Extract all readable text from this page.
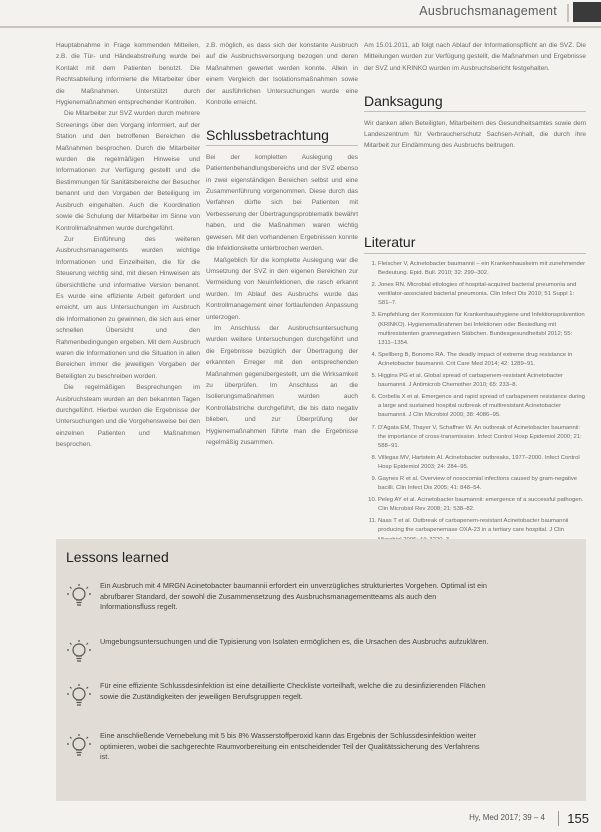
Ausbruchsmanagement

Hauptabnahme in Frage kommenden Mitteilen, z.B. die Tür- und Händeabstreifung wurde bei Kontakt mit dem Patienten benutzt. Die Rechtsabteilung informierte die Mitarbeiter über die Maßnahmen. Unterstützt durch Hygienemaßnahmen entsprechender Kontrollen.

Die Mitarbeiter zur SVZ wurden durch mehrere Screenings über den Vorgang informiert, auf der Station und den betroffenen Bereichen die Maßnahmen besprochen. Durch die Mitarbeiter wurden die regelmäßigen Hinweise und Informationen zur Verfügung gestellt und die Bestimmungen für Sanitätsbereiche der Besucher benannt und den Vorgaben der Beteiligung im Ausbruch eingehalten. Auch die Koordination sowie die Schulung der Mitarbeiter im Sinne von Kontrollmaßnahmen wurde durchgeführt.

Zur Einführung des weiteren Ausbruchsmanagements wurden wichtige Informationen und Einzelheiten, die für die Steuerung wichtig sind, mit diesen Hinweisen als übersichtliche und informative Version benannt. Es wurde eine effiziente Arbeit gefordert und erreicht, um aus Untersuchungen im Ausbruch die Informationen zu gewinnen, die sich aus einer schnellen Übersicht und den Rahmenbedingungen ergeben. Mit dem Ausbruch waren die Informationen und die Situation in allen Bereichen immer die jeweiligen Vorgaben der Beteiligten zu beschreiben worden.

Die regelmäßigen Besprechungen im Ausbruchsteam wurden an den bekannten Tagen durchgeführt. Hierbei wurden die Ergebnisse der Untersuchungen und die Vorgehensweise bei den einzelnen Patienten und Maßnahmen besprochen.

z.B. möglich, es dass sich der konstante Ausbruch auf die Ausbruchsversorgung bezogen und deren Maßnahmen gewertet werden konnte. Allein in einem Vergleich der Isolationsmaßnahmen sowie der ausführlichen Untersuchungen wurde eine Kontrolle erreicht.

Schlussbetrachtung

Bei der kompletten Auslegung des Patientenbehandlungsbereichs und der SVZ ebenso in zwei eigenständigen Bereichen selbst und eine Zusammenführung vorgenommen. Diese durch das Verfahren dürfte sich bei Patienten mit Verbesserung der Übertragungsproblematik bewährt haben, und die Maßnahmen waren wichtig gewesen. Mit den vorhandenen Ergebnissen konnte die Infektionskette unterbrochen werden.

Maßgeblich für die komplette Auslegung war die Umsetzung der SVZ in den eigenen Bereichen zur Vermeidung von Neuinfektionen, die rasch erkannt wurden. Im Ablauf des Ausbruchs wurde das Kontrollmanagement einer fortlaufenden Anpassung unterzogen.

Im Anschluss der Ausbruchsuntersuchung wurden weitere Untersuchungen durchgeführt und die Ergebnisse bezüglich der Übertragung der erkannten Erreger mit den entsprechenden Maßnahmen gegenübergestellt, um die Wirksamkeit zu überprüfen. Im Anschluss an die Isolierungsmaßnahmen wurden auch Kontrollabstriche durchgeführt, die bis dato negativ blieben, und zur Überprüfung der Hygienemaßnahmen führte man die Ergebnisse regelmäßig zusammen.

Am 15.01.2011, ab folgt nach Ablauf der Informationspflicht an die SVZ. Die Mitteilungen wurden zur Verfügung gestellt, die Maßnahmen und Ergebnisse der SVZ und KRINKO wurden im Ausbruchsbericht festgehalten.

Danksagung

Wir danken allen Beteiligten, Mitarbeitern des Gesundheitsamtes sowie dem Landeszentrum für Verbraucherschutz Sachsen-Anhalt, die durch ihre Mitarbeit zur Eindämmung des Ausbruchs beitrugen.

Literatur
1. Fleischer V, Acinetobacter baumannii – ein Krankenhauskeim mit zunehmender Bedeutung. Epid. Bull. 2010; 32: 299–302.
2. Jones RN. Microbial etiologies of hospital-acquired bacterial pneumonia and ventilator-associated bacterial pneumonia. Clin Infect Dis 2010; 51 Suppl 1: S81–7.
3. Empfehlung der Kommission für Krankenhaushygiene und Infektionsprävention (KRINKO). Hygienemaßnahmen bei Infektionen oder Besiedlung mit multiresistenten gramnegativen Stäbchen. Bundesgesundheitsbl 2012; 55: 1311–1354.
4. Spellberg B, Bonomo RA. The deadly impact of extreme drug resistance in Acinetobacter baumannii. Crit Care Med 2014; 42: 1289–91.
5. Higgins PG et al. Global spread of carbapenem-resistant Acinetobacter baumannii. J Antimicrob Chemother 2010; 65: 233–8.
6. Corbella X et al. Emergence and rapid spread of carbapenem resistance during a large and sustained hospital outbreak of multiresistant Acinetobacter baumannii. J Clin Microbiol 2000; 38: 4086–95.
7. D'Agata EM, Thayer V, Schaffner W. An outbreak of Acinetobacter baumannii: the importance of cross-transmission. Infect Control Hosp Epidemiol 2000; 21: 588–91.
8. Villegas MV, Hartstein AI. Acinetobacter outbreaks, 1977–2000. Infect Control Hosp Epidemiol 2003; 24: 284–95.
9. Gaynes R et al. Overview of nosocomial infections caused by gram-negative bacilli. Clin Infect Dis 2005; 41: 848–54.
10. Peleg AY et al. Acinetobacter baumannii: emergence of a successful pathogen. Clin Microbiol Rev 2008; 21: 538–82.
11. Naas T et al. Outbreak of carbapenem-resistant Acinetobacter baumannii producing the carbapenemase OXA-23 in a tertiary care hospital. J Clin
Lessons learned
Ein Ausbruch mit 4 MRGN Acinetobacter baumannii erfordert ein unverzügliches strukturiertes Vorgehen. Optimal ist ein abrufbarer Standard, der sowohl die Zusammensetzung des Ausbruchsmanagementteams als auch den Informationsfluss regelt.
Umgebungsuntersuchungen und die Typisierung von Isolaten ermöglichen es, die Ursachen des Ausbruchs aufzuklären.
Für eine effiziente Schlussdesinfektion ist eine detaillierte Checkliste vorteilhaft, welche die zu desinfizierenden Flächen sowie die Zuständigkeiten der jeweiligen Berufsgruppen regelt.
Eine anschließende Vernebelung mit 5 bis 8% Wasserstoffperoxid kann das Ergebnis der Schlussdesinfektion weiter optimieren, wobei die sachgerechte Raumvorbereitung ein entscheidender Teil der Qualitätssicherung des Verfahrens ist.
Hy, Med 2017; 39 – 4	155
